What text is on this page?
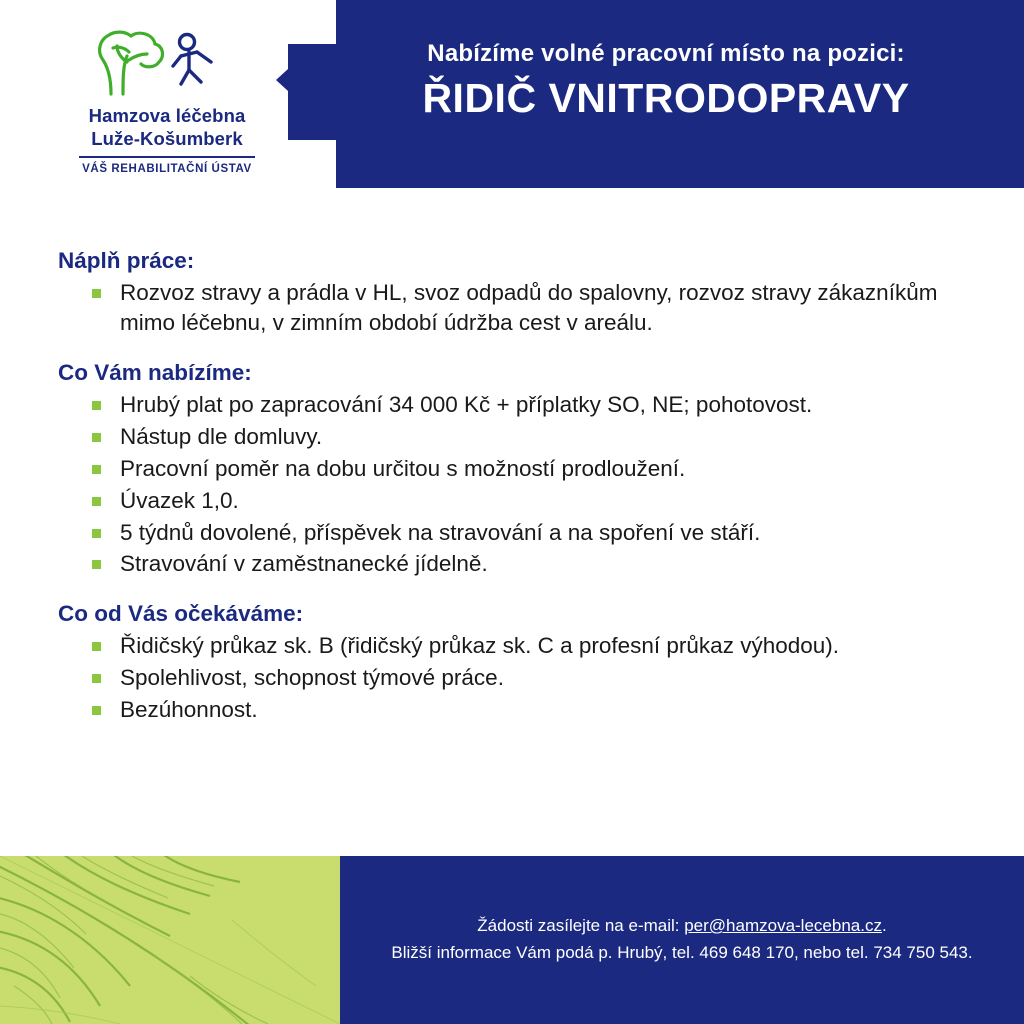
Nabízíme volné pracovní místo na pozici:
ŘIDIČ VNITRODOPRAVY
Hamzova léčebna
Luže-Košumberk
VÁŠ REHABILITAČNÍ ÚSTAV
Náplň práce:
Rozvoz stravy a prádla v HL, svoz odpadů do spalovny, rozvoz stravy zákazníkům mimo léčebnu, v zimním období údržba cest v areálu.
Co Vám nabízíme:
Hrubý plat po zapracování 34 000 Kč + příplatky SO, NE; pohotovost.
Nástup dle domluvy.
Pracovní poměr na dobu určitou s možností prodloužení.
Úvazek 1,0.
5 týdnů dovolené, příspěvek na stravování a na spoření ve stáří.
Stravování v zaměstnanecké jídelně.
Co od Vás očekáváme:
Řidičský průkaz sk. B (řidičský průkaz sk. C a profesní průkaz výhodou).
Spolehlivost, schopnost týmové práce.
Bezúhonnost.
Žádosti zasílejte na e-mail: per@hamzova-lecebna.cz.
Bližší informace Vám podá p. Hrubý, tel. 469 648 170, nebo tel. 734 750 543.
